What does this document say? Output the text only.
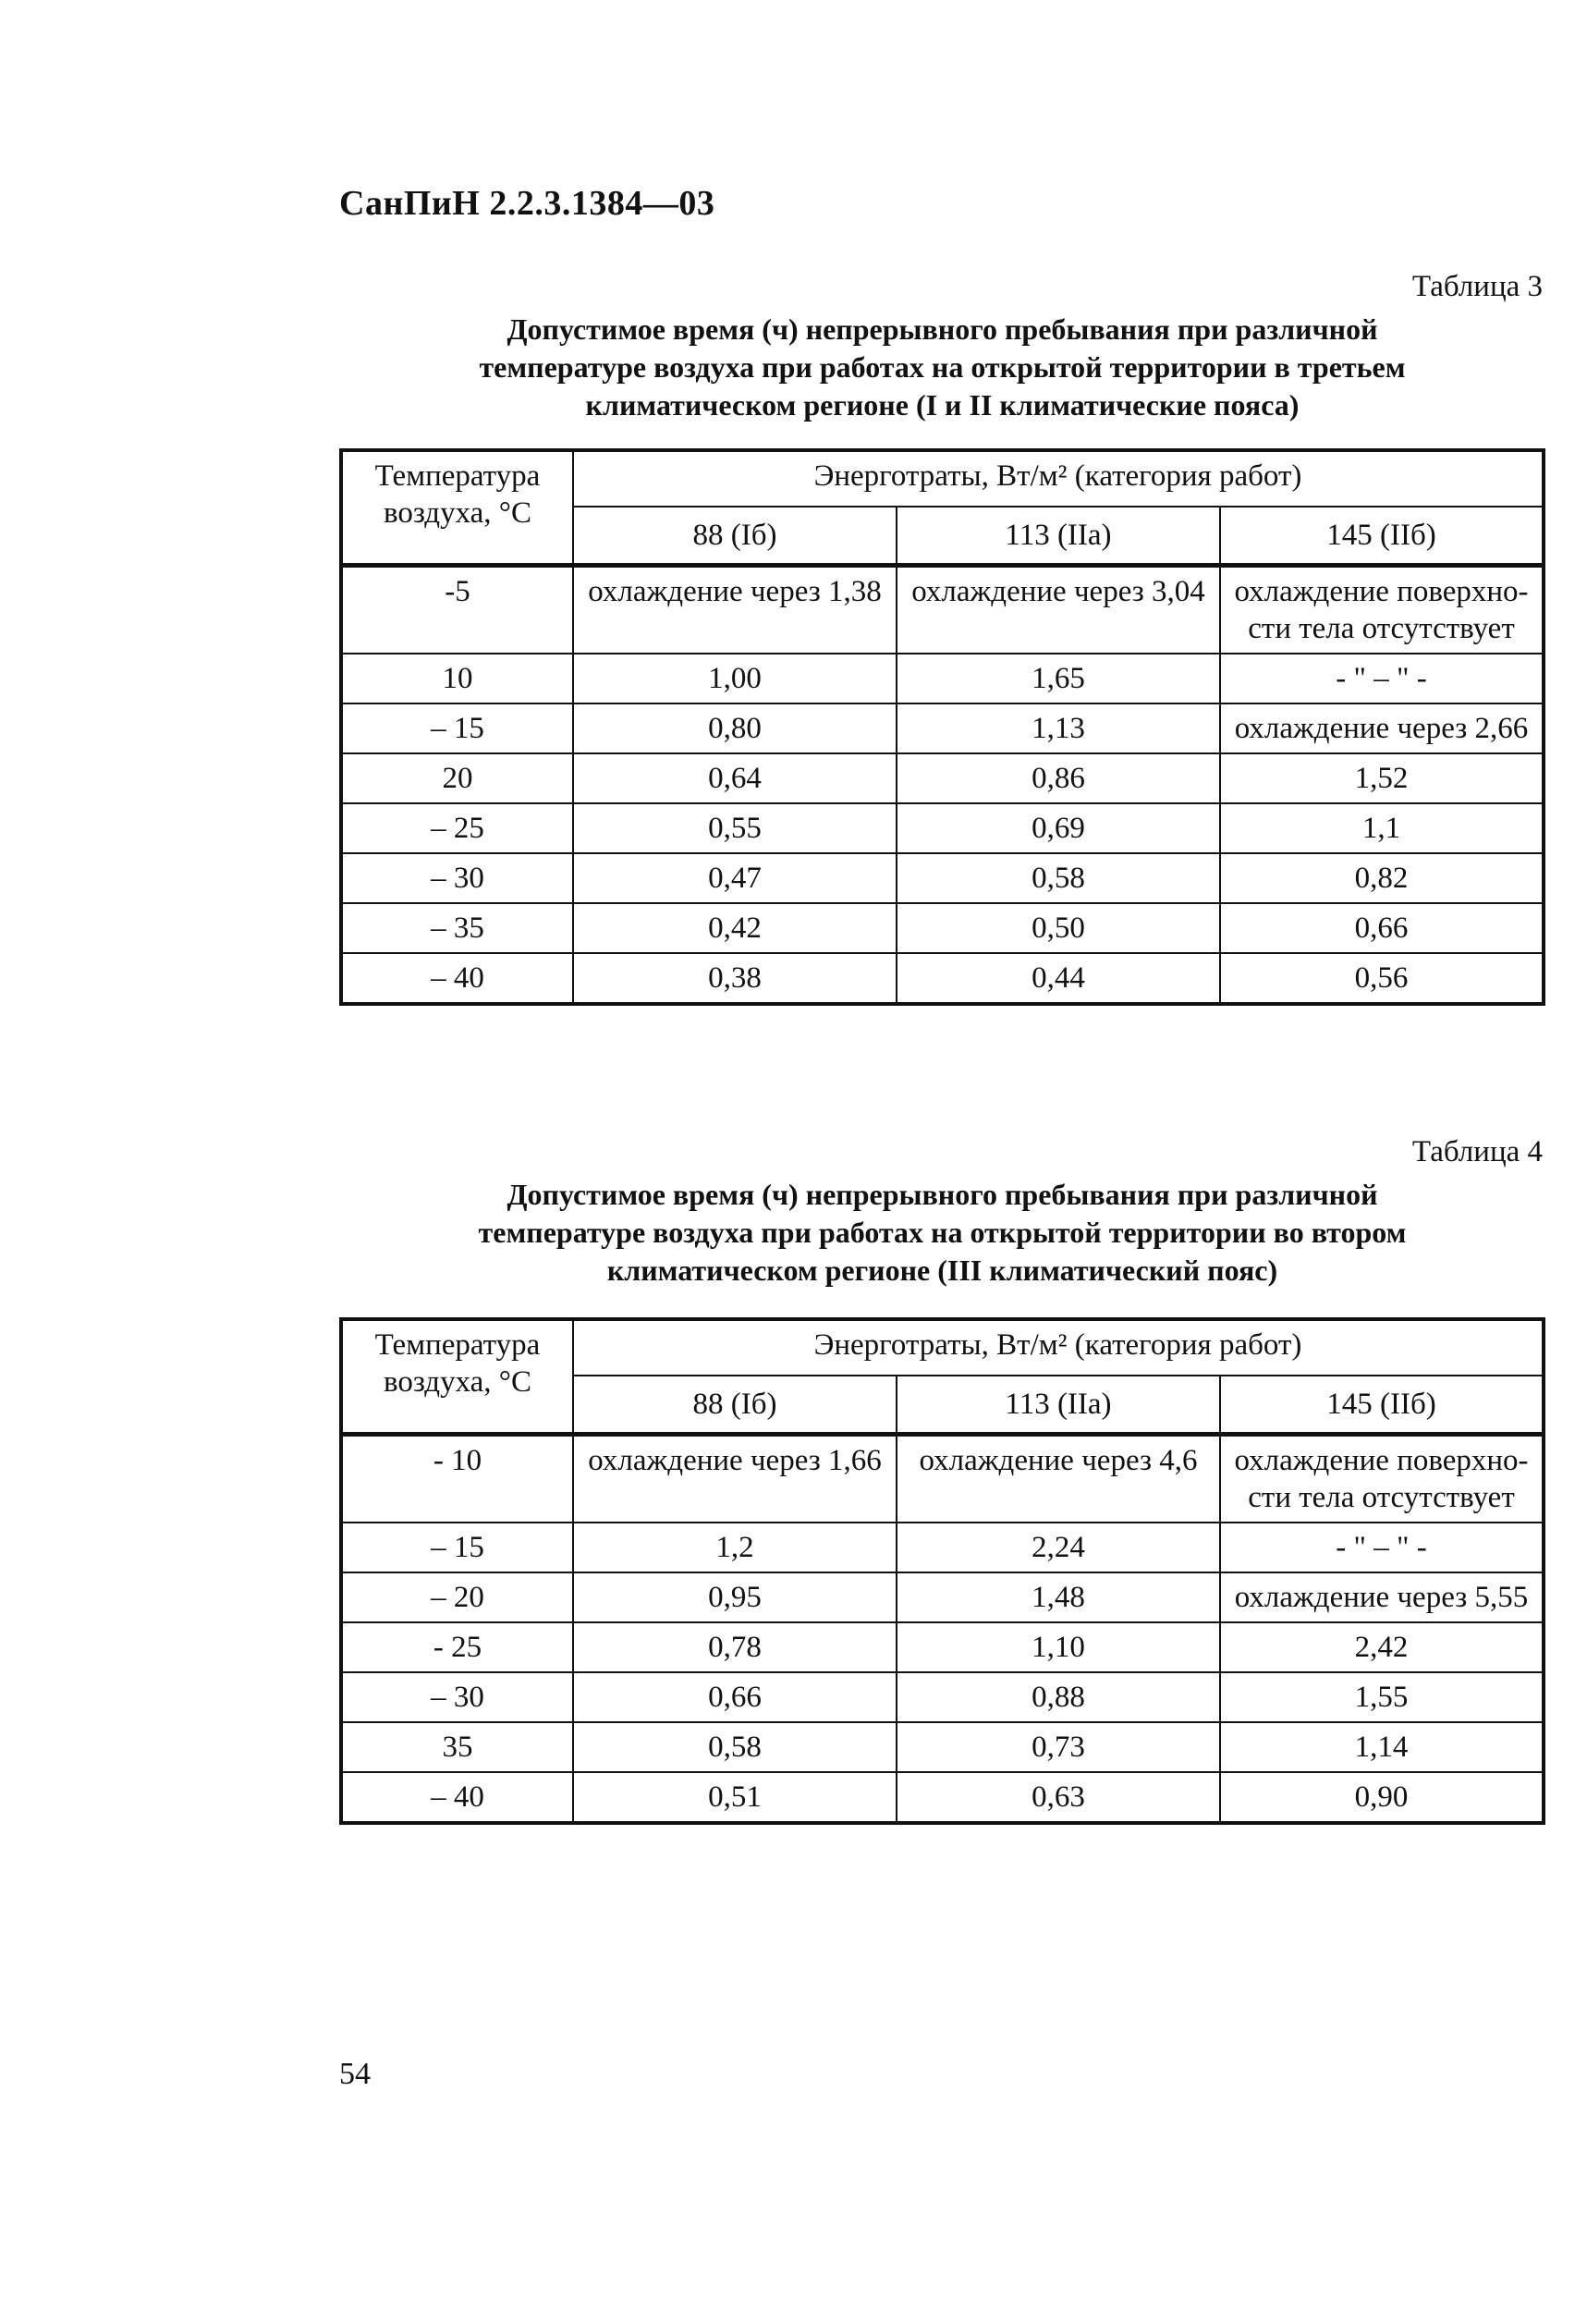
СанПиН 2.2.3.1384—03
Таблица 3
Допустимое время (ч) непрерывного пребывания при различной
температуре воздуха при работах на открытой территории в третьем
климатическом регионе (I и II климатические пояса)
Температура воздуха, °С	Энерготраты, Вт/м² (категория работ)		
	88 (Iб)	113 (IIa)	145 (IIб)
-5	охлаждение через 1,38	охлаждение через 3,04	охлаждение поверхно-сти тела отсутствует
10	1,00	1,65	- " – " -
– 15	0,80	1,13	охлаждение через 2,66
20	0,64	0,86	1,52
– 25	0,55	0,69	1,1
– 30	0,47	0,58	0,82
– 35	0,42	0,50	0,66
– 40	0,38	0,44	0,56
Таблица 4
Допустимое время (ч) непрерывного пребывания при различной
температуре воздуха при работах на открытой территории во втором
климатическом регионе (III климатический пояс)
Температура воздуха, °С	Энерготраты, Вт/м² (категория работ)		
	88 (Iб)	113 (IIa)	145 (IIб)
- 10	охлаждение через 1,66	охлаждение через 4,6	охлаждение поверхно-сти тела отсутствует
– 15	1,2	2,24	- " – " -
– 20	0,95	1,48	охлаждение через 5,55
- 25	0,78	1,10	2,42
– 30	0,66	0,88	1,55
35	0,58	0,73	1,14
– 40	0,51	0,63	0,90
54
